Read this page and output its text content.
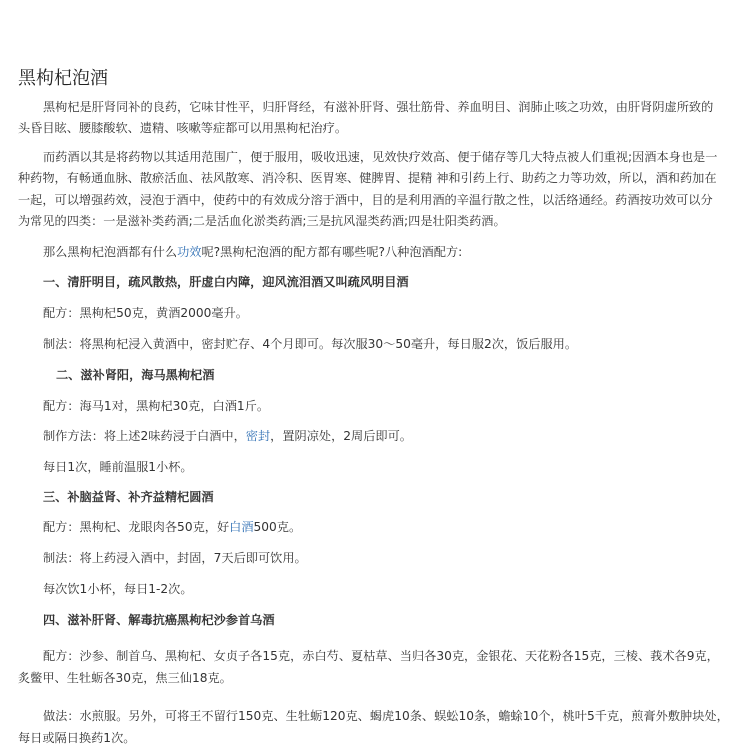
黑枸杞泡酒

黑枸杞是肝肾同补的良药，它味甘性平，归肝肾经，有滋补肝肾、强壮筋骨、养血明目、润肺止咳之功效，由肝肾阴虚所致的

头昏目眩、腰膝酸软、遗精、咳嗽等症都可以用黑枸杞治疗。

而药酒以其是将药物以其适用范围广，便于服用，吸收迅速，见效快疗效高、便于储存等几大特点被人们重视;因酒本身也是一

种药物，有畅通血脉、散瘀活血、祛风散寒、消冷积、医胃寒、健脾胃、提精 神和引药上行、助药之力等功效，所以，酒和药加在

一起，可以增强药效，浸泡于酒中，使药中的有效成分溶于酒中，目的是利用酒的辛温行散之性，以活络通经。药酒按功效可以分

为常见的四类：一是滋补类药酒;二是活血化淤类药酒;三是抗风湿类药酒;四是壮阳类药酒。

那么黑枸杞泡酒都有什么功效呢?黑枸杞泡酒的配方都有哪些呢?八种泡酒配方:

一、清肝明目，疏风散热，肝虚白内障，迎风流泪酒又叫疏风明目酒

配方：黑枸杞50克，黄酒2000毫升。

制法：将黑枸杞浸入黄酒中，密封贮存、4个月即可。每次服30～50毫升，每日服2次，饭后服用。

二、滋补肾阳，海马黑枸杞酒

配方：海马1对，黑枸杞30克，白酒1斤。

制作方法：将上述2味药浸于白酒中，密封，置阴凉处，2周后即可。

每日1次，睡前温服1小杯。

三、补脑益肾、补齐益精杞圆酒

配方：黑枸杞、龙眼肉各50克，好白酒500克。

制法：将上药浸入酒中，封固，7天后即可饮用。

每次饮1小杯，每日1-2次。

四、滋补肝肾、解毒抗癌黑枸杞沙参首乌酒

配方：沙参、制首乌、黑枸杞、女贞子各15克，赤白芍、夏枯草、当归各30克，金银花、天花粉各15克，三棱、莪术各9克，

炙鳖甲、生牡蛎各30克，焦三仙18克。

做法：水煎服。另外，可将王不留行150克、生牡蛎120克、蝎虎10条、蜈蚣10条，蟾蜍10个，桃叶5千克，煎膏外敷肿块处，

每日或隔日换药1次。
